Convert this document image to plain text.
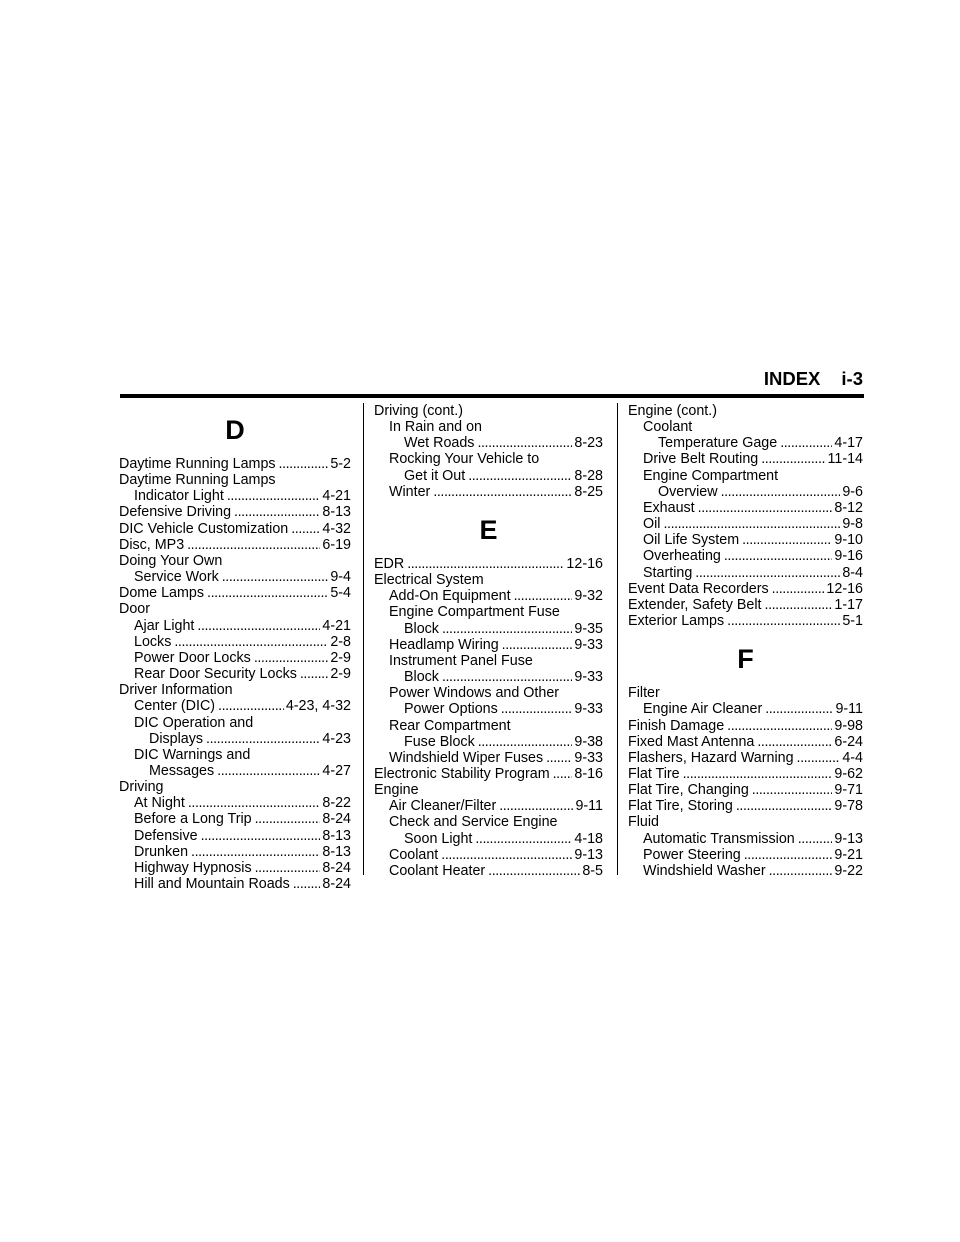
INDEX i-3
D
Daytime Running Lamps . . .	5-2
Daytime Running Lamps
Indicator Light . . .	4-21
Defensive Driving . . .	8-13
DIC Vehicle Customization . . . 4-32
Disc, MP3 . . .	6-19
Doing Your Own
Service Work . . .	9-4
Dome Lamps . . .	5-4
Door
Ajar Light . . .	4-21
Locks . . .	2-8
Power Door Locks . . .	2-9
Rear Door Security Locks . . . 2-9
Driver Information
Center (DIC) . . .	4-23, 4-32
DIC Operation and
Displays . . .	4-23
DIC Warnings and
Messages . . .	4-27
Driving
At Night . . .	8-22
Before a Long Trip . . .	8-24
Defensive . . .	8-13
Drunken . . .	8-13
Highway Hypnosis . . .	8-24
Hill and Mountain Roads . . . 8-24
Driving (cont.)
In Rain and on
Wet Roads . . .	8-23
Rocking Your Vehicle to
Get it Out . . .	8-28
Winter . . .	8-25
E
EDR . . .	12-16
Electrical System
Add-On Equipment . . .	9-32
Engine Compartment Fuse
Block . . .	9-35
Headlamp Wiring . . .	9-33
Instrument Panel Fuse
Block . . .	9-33
Power Windows and Other
Power Options . . .	9-33
Rear Compartment
Fuse Block . . .	9-38
Windshield Wiper Fuses . . . 9-33
Electronic Stability Program . . . 8-16
Engine
Air Cleaner/Filter . . .	9-11
Check and Service Engine
Soon Light . . .	4-18
Coolant . . .	9-13
Coolant Heater . . .	8-5
Engine (cont.)
Coolant
Temperature Gage . . .	4-17
Drive Belt Routing . . .	11-14
Engine Compartment
Overview . . .	9-6
Exhaust . . .	8-12
Oil . . .	9-8
Oil Life System . . .	9-10
Overheating . . .	9-16
Starting . . .	8-4
Event Data Recorders . . .	12-16
Extender, Safety Belt . . .	1-17
Exterior Lamps . . .	5-1
F
Filter
Engine Air Cleaner . . .	9-11
Finish Damage . . .	9-98
Fixed Mast Antenna . . .	6-24
Flashers, Hazard Warning . . .	4-4
Flat Tire . . .	9-62
Flat Tire, Changing . . .	9-71
Flat Tire, Storing . . .	9-78
Fluid
Automatic Transmission . . .	9-13
Power Steering . . .	9-21
Windshield Washer . . .	9-22
